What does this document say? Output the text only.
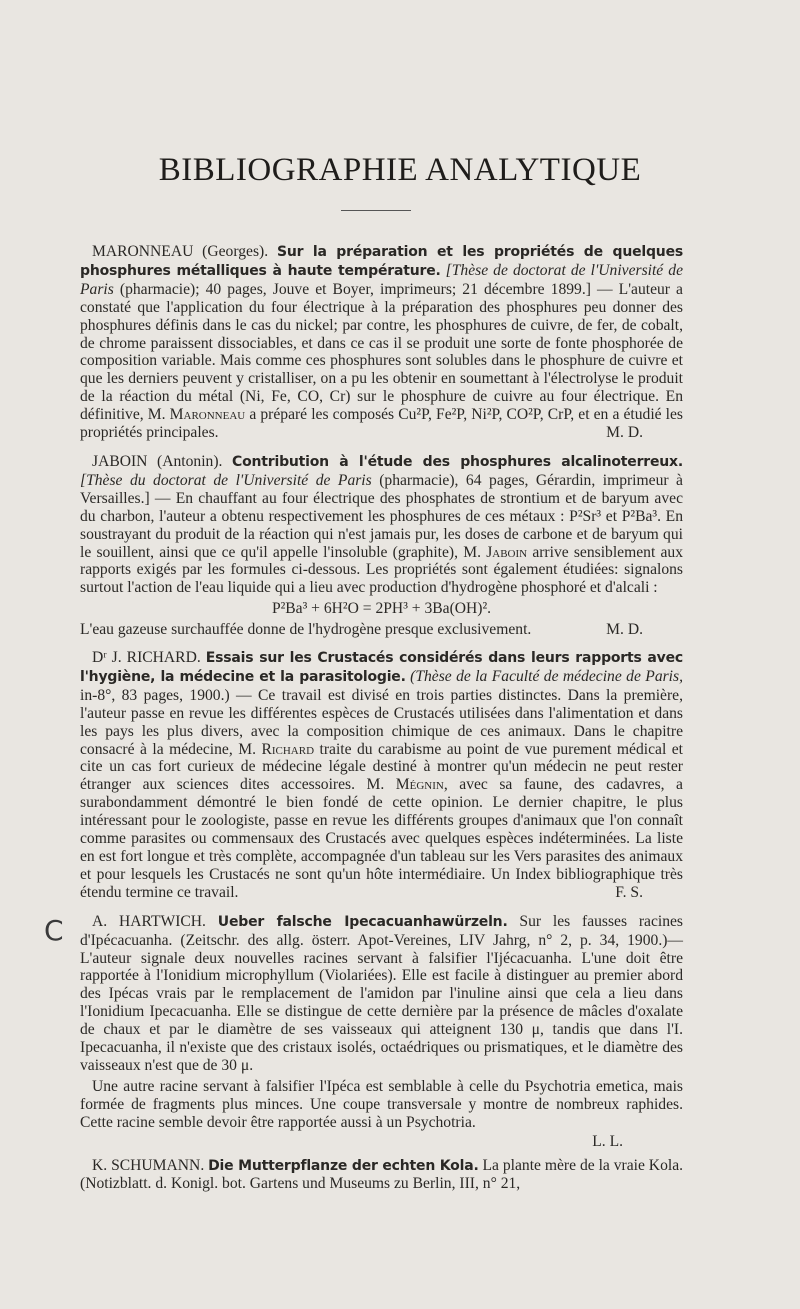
BIBLIOGRAPHIE ANALYTIQUE
C

MARONNEAU (Georges). Sur la préparation et les propriétés de quelques phosphures métalliques à haute température. [Thèse de doctorat de l'Université de Paris (pharmacie); 40 pages, Jouve et Boyer, imprimeurs; 21 décembre 1899.] — L'auteur a constaté que l'application du four électrique à la préparation des phosphures peu donner des phosphures définis dans le cas du nickel; par contre, les phosphures de cuivre, de fer, de cobalt, de chrome paraissent dissociables, et dans ce cas il se produit une sorte de fonte phosphorée de composition variable. Mais comme ces phosphures sont solubles dans le phosphure de cuivre et que les derniers peuvent y cristalliser, on a pu les obtenir en soumettant à l'électrolyse le produit de la réaction du métal (Ni, Fe, CO, Cr) sur le phosphure de cuivre au four électrique. En définitive, M. Maronneau a préparé les composés Cu²P, Fe²P, Ni²P, CO²P, CrP, et en a étudié les propriétés principales.	M. D.

JABOIN (Antonin). Contribution à l'étude des phosphures alcalinoterreux. [Thèse du doctorat de l'Université de Paris (pharmacie), 64 pages, Gérardin, imprimeur à Versailles.] — En chauffant au four électrique des phosphates de strontium et de baryum avec du charbon, l'auteur a obtenu respectivement les phosphures de ces métaux : P²Sr³ et P²Ba³. En soustrayant du produit de la réaction qui n'est jamais pur, les doses de carbone et de baryum qui le souillent, ainsi que ce qu'il appelle l'insoluble (graphite), M. Jaboin arrive sensiblement aux rapports exigés par les formules ci-dessous. Les propriétés sont également étudiées: signalons surtout l'action de l'eau liquide qui a lieu avec production d'hydrogène phosphoré et d'alcali :

P²Ba³ + 6H²O = 2PH³ + 3Ba(OH)².

L'eau gazeuse surchauffée donne de l'hydrogène presque exclusivement.	M. D.

Dʳ J. RICHARD. Essais sur les Crustacés considérés dans leurs rapports avec l'hygiène, la médecine et la parasitologie. (Thèse de la Faculté de médecine de Paris, in-8°, 83 pages, 1900.) — Ce travail est divisé en trois parties distinctes. Dans la première, l'auteur passe en revue les différentes espèces de Crustacés utilisées dans l'alimentation et dans les pays les plus divers, avec la composition chimique de ces animaux. Dans le chapitre consacré à la médecine, M. Richard traite du carabisme au point de vue purement médical et cite un cas fort curieux de médecine légale destiné à montrer qu'un médecin ne peut rester étranger aux sciences dites accessoires. M. Mégnin, avec sa faune, des cadavres, a surabondamment démontré le bien fondé de cette opinion. Le dernier chapitre, le plus intéressant pour le zoologiste, passe en revue les différents groupes d'animaux que l'on connaît comme parasites ou commensaux des Crustacés avec quelques espèces indéterminées. La liste en est fort longue et très complète, accompagnée d'un tableau sur les Vers parasites des animaux et pour lesquels les Crustacés ne sont qu'un hôte intermédiaire. Un Index bibliographique très étendu termine ce travail.	F. S.

A. HARTWICH. Ueber falsche Ipecacuanhawürzeln. Sur les fausses racines d'Ipécacuanha. (Zeitschr. des allg. österr. Apot-Vereines, LIV Jahrg, n° 2, p. 34, 1900.)— L'auteur signale deux nouvelles racines servant à falsifier l'Ijécacuanha. L'une doit être rapportée à l'Ionidium microphyllum (Violariées). Elle est facile à distinguer au premier abord des Ipécas vrais par le remplacement de l'amidon par l'inuline ainsi que cela a lieu dans l'Ionidium Ipecacuanha. Elle se distingue de cette dernière par la présence de mâcles d'oxalate de chaux et par le diamètre de ses vaisseaux qui atteignent 130 μ, tandis que dans l'I. Ipecacuanha, il n'existe que des cristaux isolés, octaédriques ou prismatiques, et le diamètre des vaisseaux n'est que de 30 μ.

Une autre racine servant à falsifier l'Ipéca est semblable à celle du Psychotria emetica, mais formée de fragments plus minces. Une coupe transversale y montre de nombreux raphides. Cette racine semble devoir être rapportée aussi à un Psychotria.

L. L.

K. SCHUMANN. Die Mutterpflanze der echten Kola. La plante mère de la vraie Kola. (Notizblatt. d. Konigl. bot. Gartens und Museums zu Berlin, III, n° 21,
